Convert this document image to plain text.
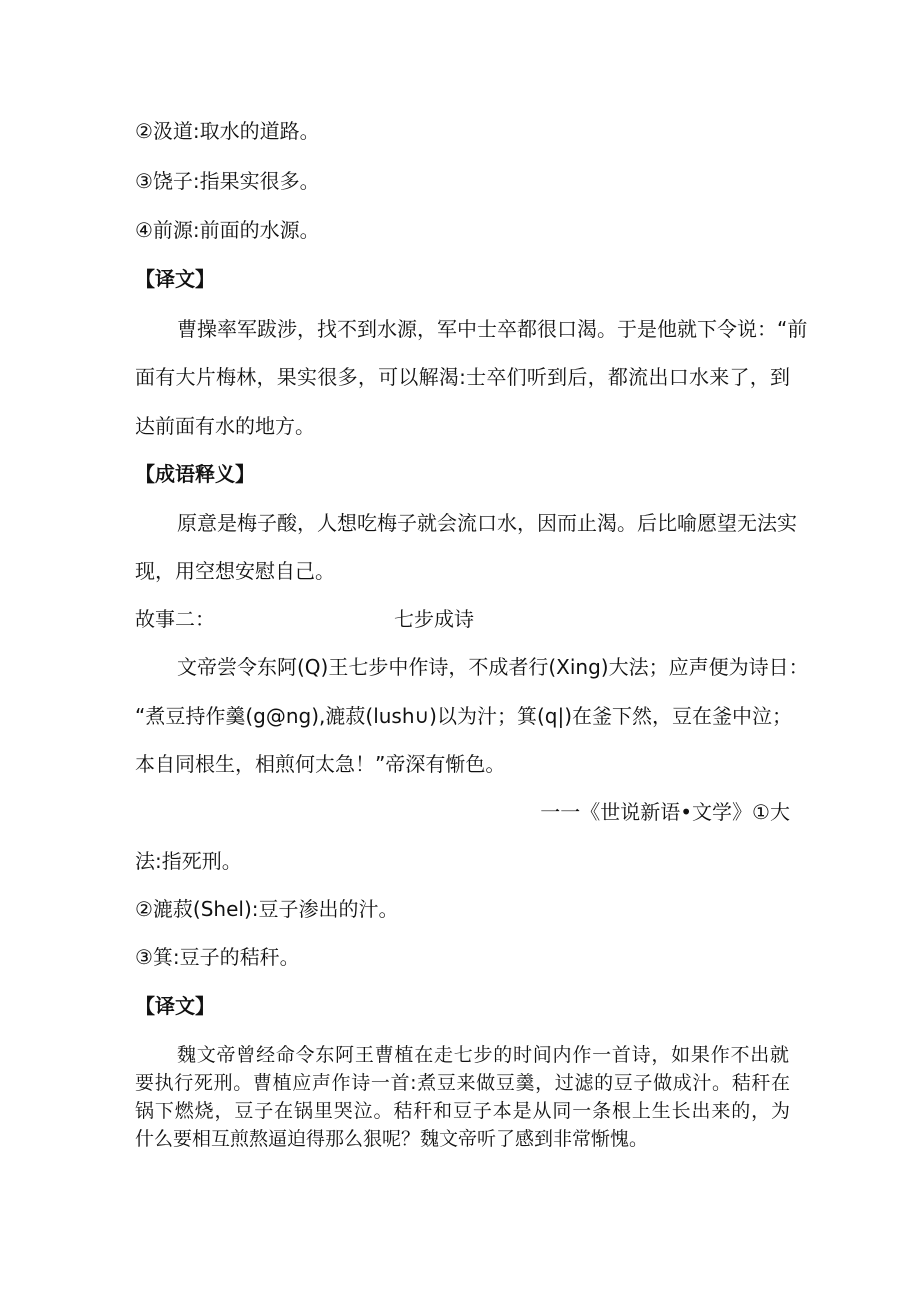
②汲道:取水的道路。
③饶子:指果实很多。
④前源:前面的水源。
【译文】
曹操率军跋涉，找不到水源，军中士卒都很口渴。于是他就下令说：“前
面有大片梅林，果实很多，可以解渴:士卒们听到后，都流出口水来了，到
达前面有水的地方。
【成语释义】
原意是梅子酸，人想吃梅子就会流口水，因而止渴。后比喻愿望无法实
现，用空想安慰自己。
故事二：	七步成诗
文帝尝令东阿(Q)王七步中作诗，不成者行(Xing)大法；应声便为诗日：
“煮豆持作羹(g@ng),漉菽(lush∪)以为汁；箕(q|)在釜下然，豆在釜中泣；
本自同根生，相煎何太急！”帝深有惭色。
一一《世说新语•文学》①大
法:指死刑。
②漉菽(Shel):豆子渗出的汁。
③箕:豆子的秸秆。
【译文】
魏文帝曾经命令东阿王曹植在走七步的时间内作一首诗，如果作不出就
要执行死刑。曹植应声作诗一首:煮豆来做豆羹，过滤的豆子做成汁。秸秆在
锅下燃烧，豆子在锅里哭泣。秸秆和豆子本是从同一条根上生长出来的，为
什么要相互煎熬逼迫得那么狠呢？魏文帝听了感到非常惭愧。
